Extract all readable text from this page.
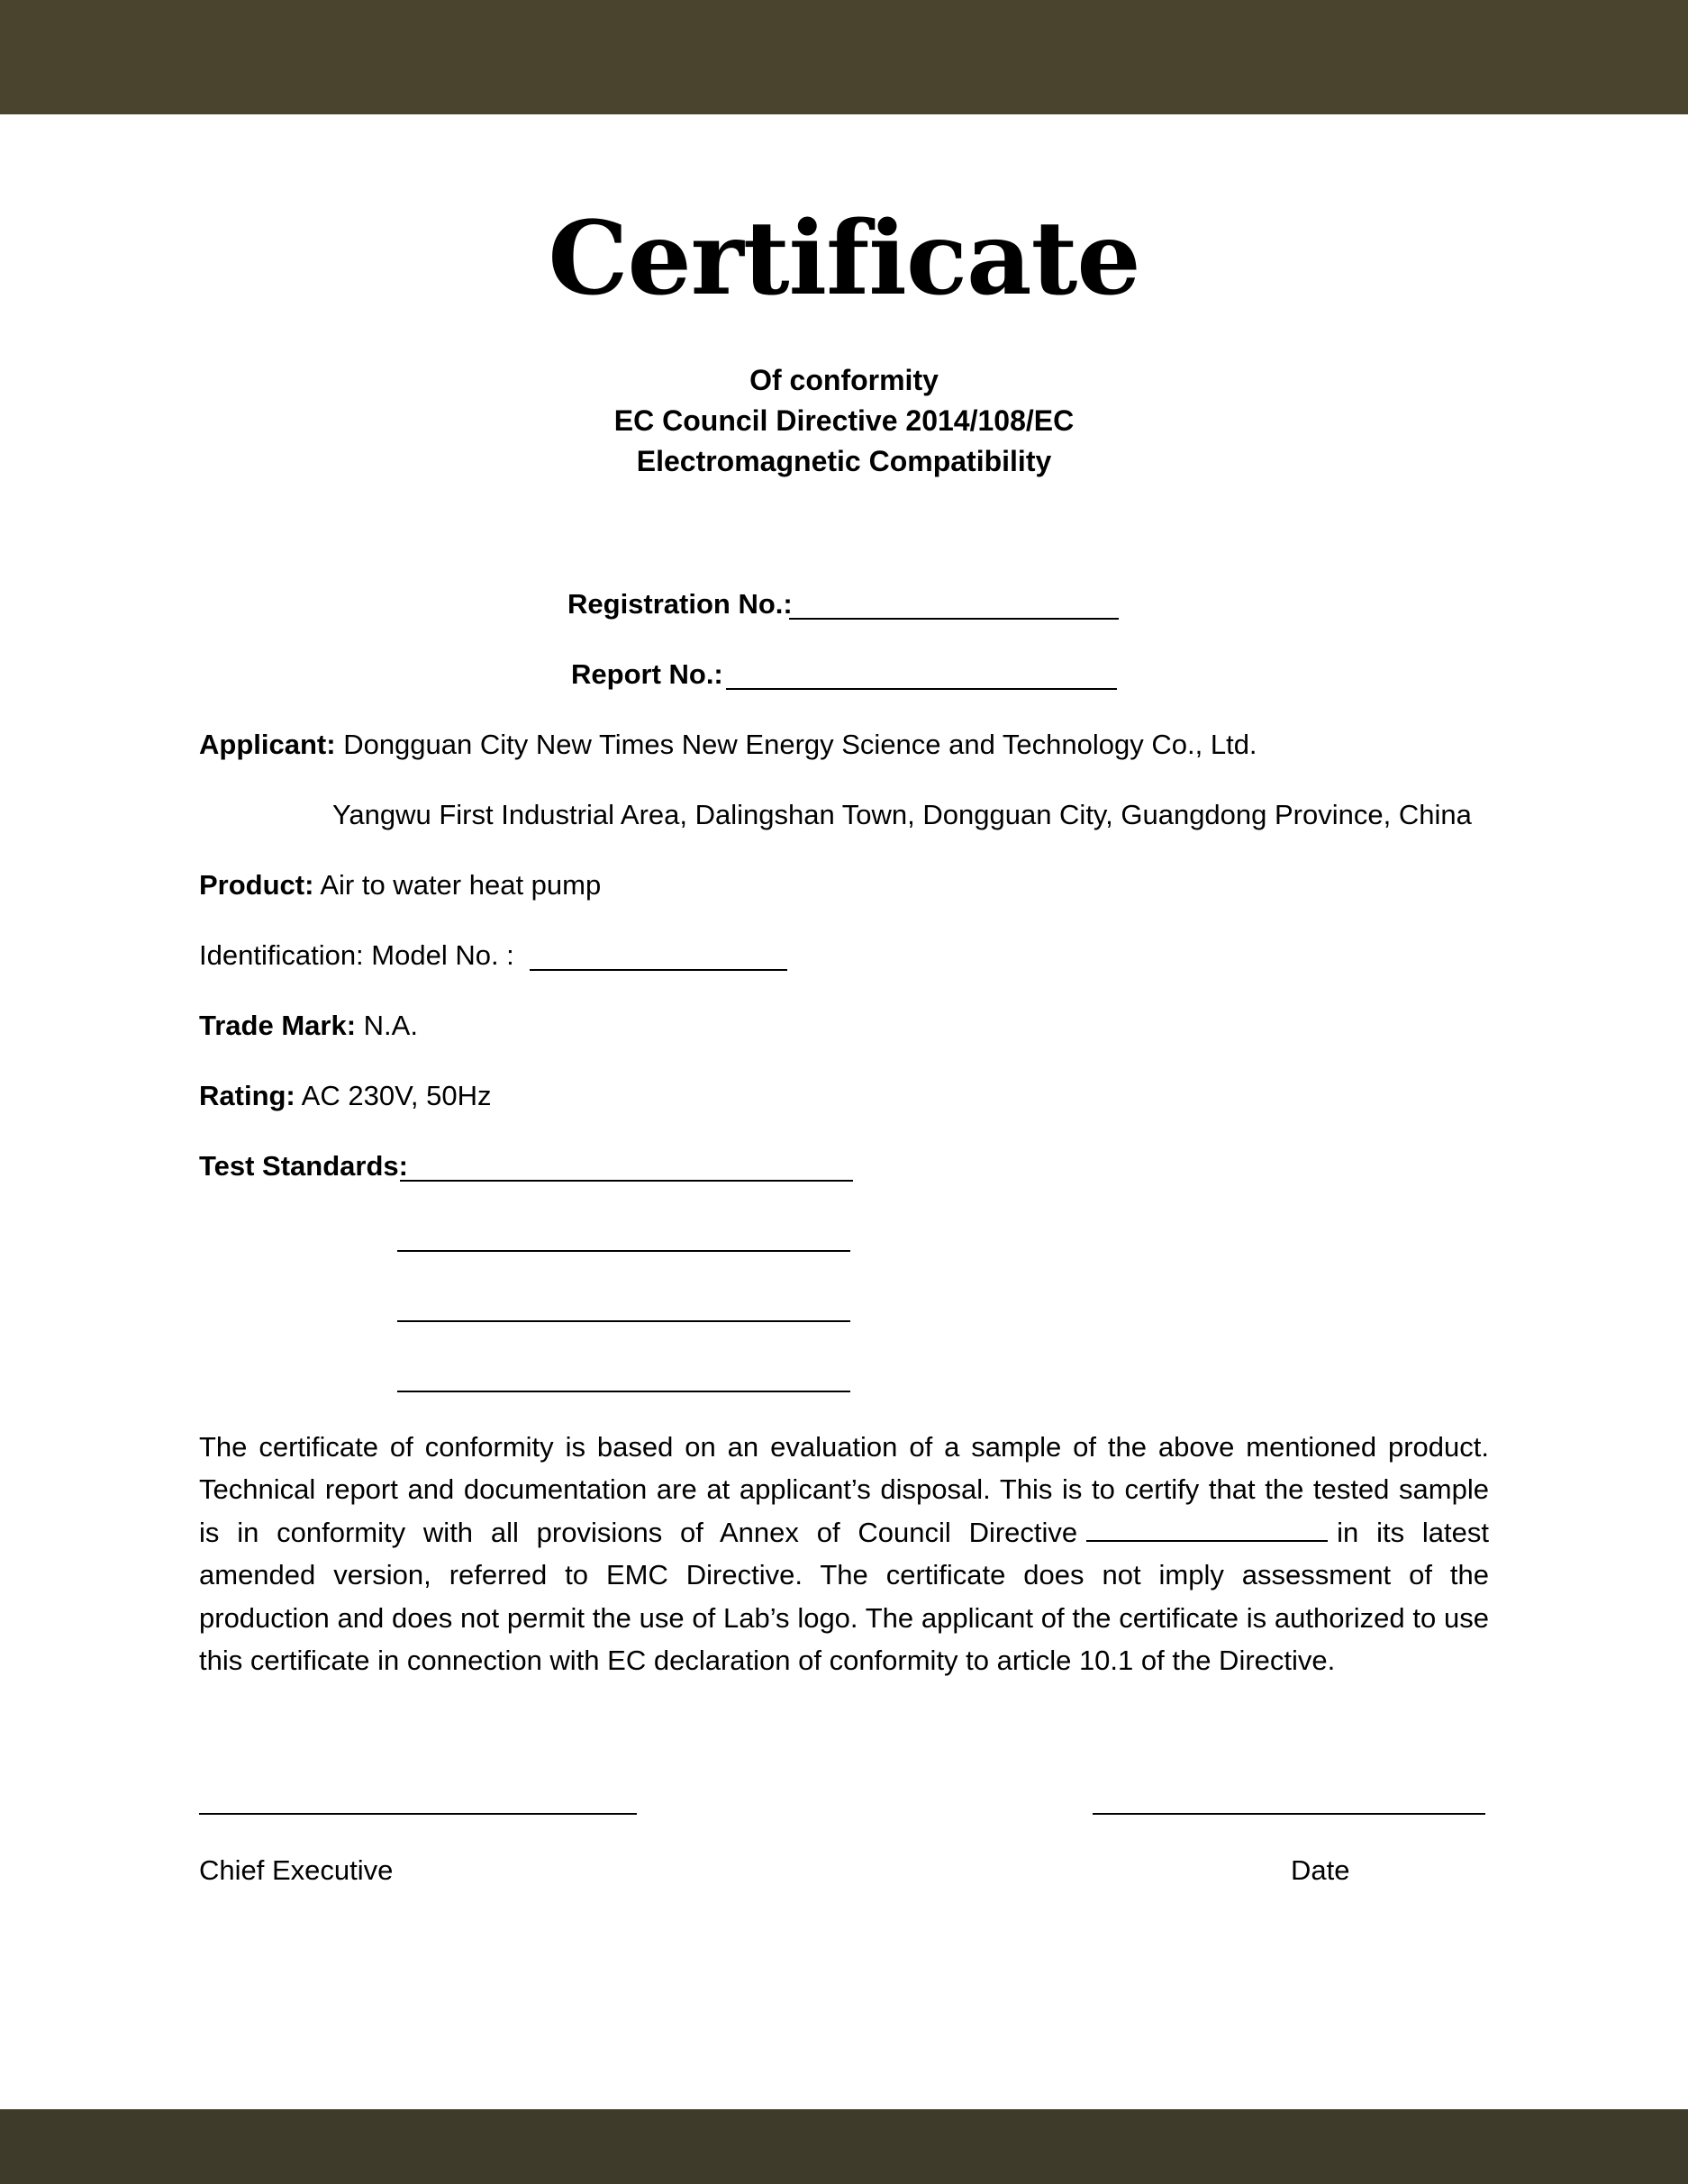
Certificate
Of conformity
EC Council Directive 2014/108/EC
Electromagnetic Compatibility
Registration No.:
Report No.:
Applicant: Dongguan City New Times New Energy Science and Technology Co., Ltd.
Yangwu First Industrial Area, Dalingshan Town, Dongguan City, Guangdong Province, China
Product: Air to water heat pump
Identification: Model No. :
Trade Mark: N.A.
Rating: AC 230V, 50Hz
Test Standards:
The certificate of conformity is based on an evaluation of a sample of the above mentioned product. Technical report and documentation are at applicant’s disposal. This is to certify that the tested sample is in conformity with all provisions of Annex of Council Directive	in its latest amended version, referred to EMC Directive. The certificate does not imply assessment of the production and does not permit the use of Lab’s logo. The applicant of the certificate is authorized to use this certificate in connection with EC declaration of conformity to article 10.1 of the Directive.
Chief Executive	Date
